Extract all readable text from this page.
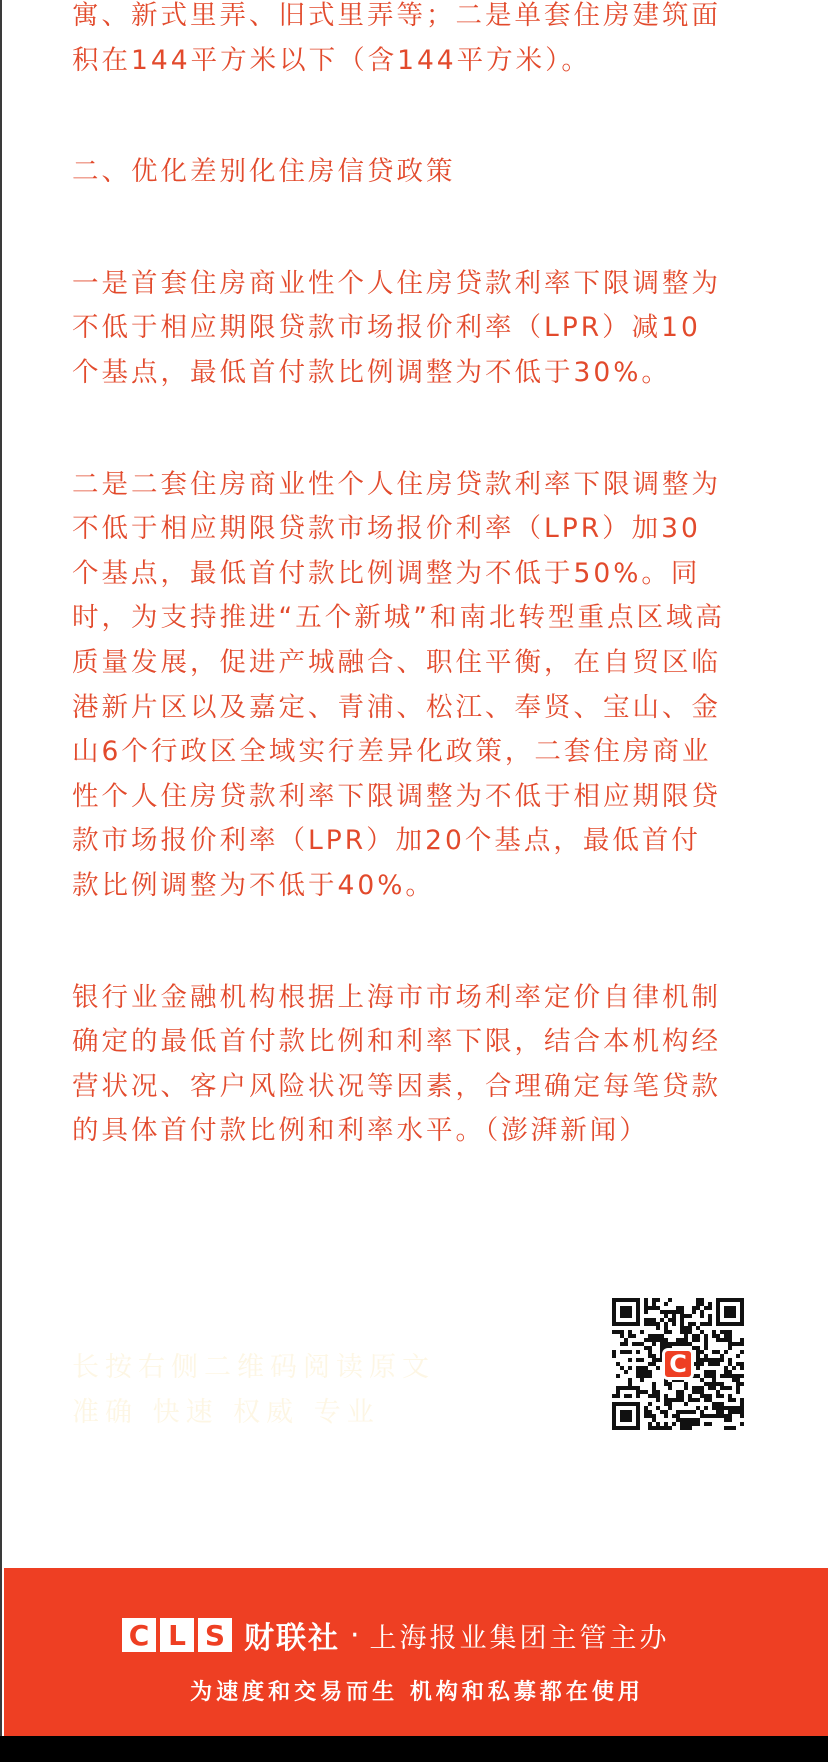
寓、新式里弄、旧式里弄等；二是单套住房建筑面
积在144平方米以下（含144平方米）。

二、优化差别化住房信贷政策

一是首套住房商业性个人住房贷款利率下限调整为
不低于相应期限贷款市场报价利率（LPR）减10
个基点，最低首付款比例调整为不低于30%。

二是二套住房商业性个人住房贷款利率下限调整为
不低于相应期限贷款市场报价利率（LPR）加30
个基点，最低首付款比例调整为不低于50%。同
时，为支持推进“五个新城”和南北转型重点区域高
质量发展，促进产城融合、职住平衡，在自贸区临
港新片区以及嘉定、青浦、松江、奉贤、宝山、金
山6个行政区全域实行差异化政策，二套住房商业
性个人住房贷款利率下限调整为不低于相应期限贷
款市场报价利率（LPR）加20个基点，最低首付
款比例调整为不低于40%。

银行业金融机构根据上海市市场利率定价自律机制
确定的最低首付款比例和利率下限，结合本机构经
营状况、客户风险状况等因素，合理确定每笔贷款
的具体首付款比例和利率水平。（澎湃新闻）

长按右侧二维码阅读原文
准确 快速 权威 专业
C
C L S 财联社 · 上海报业集团主管主办
为速度和交易而生 机构和私募都在使用
